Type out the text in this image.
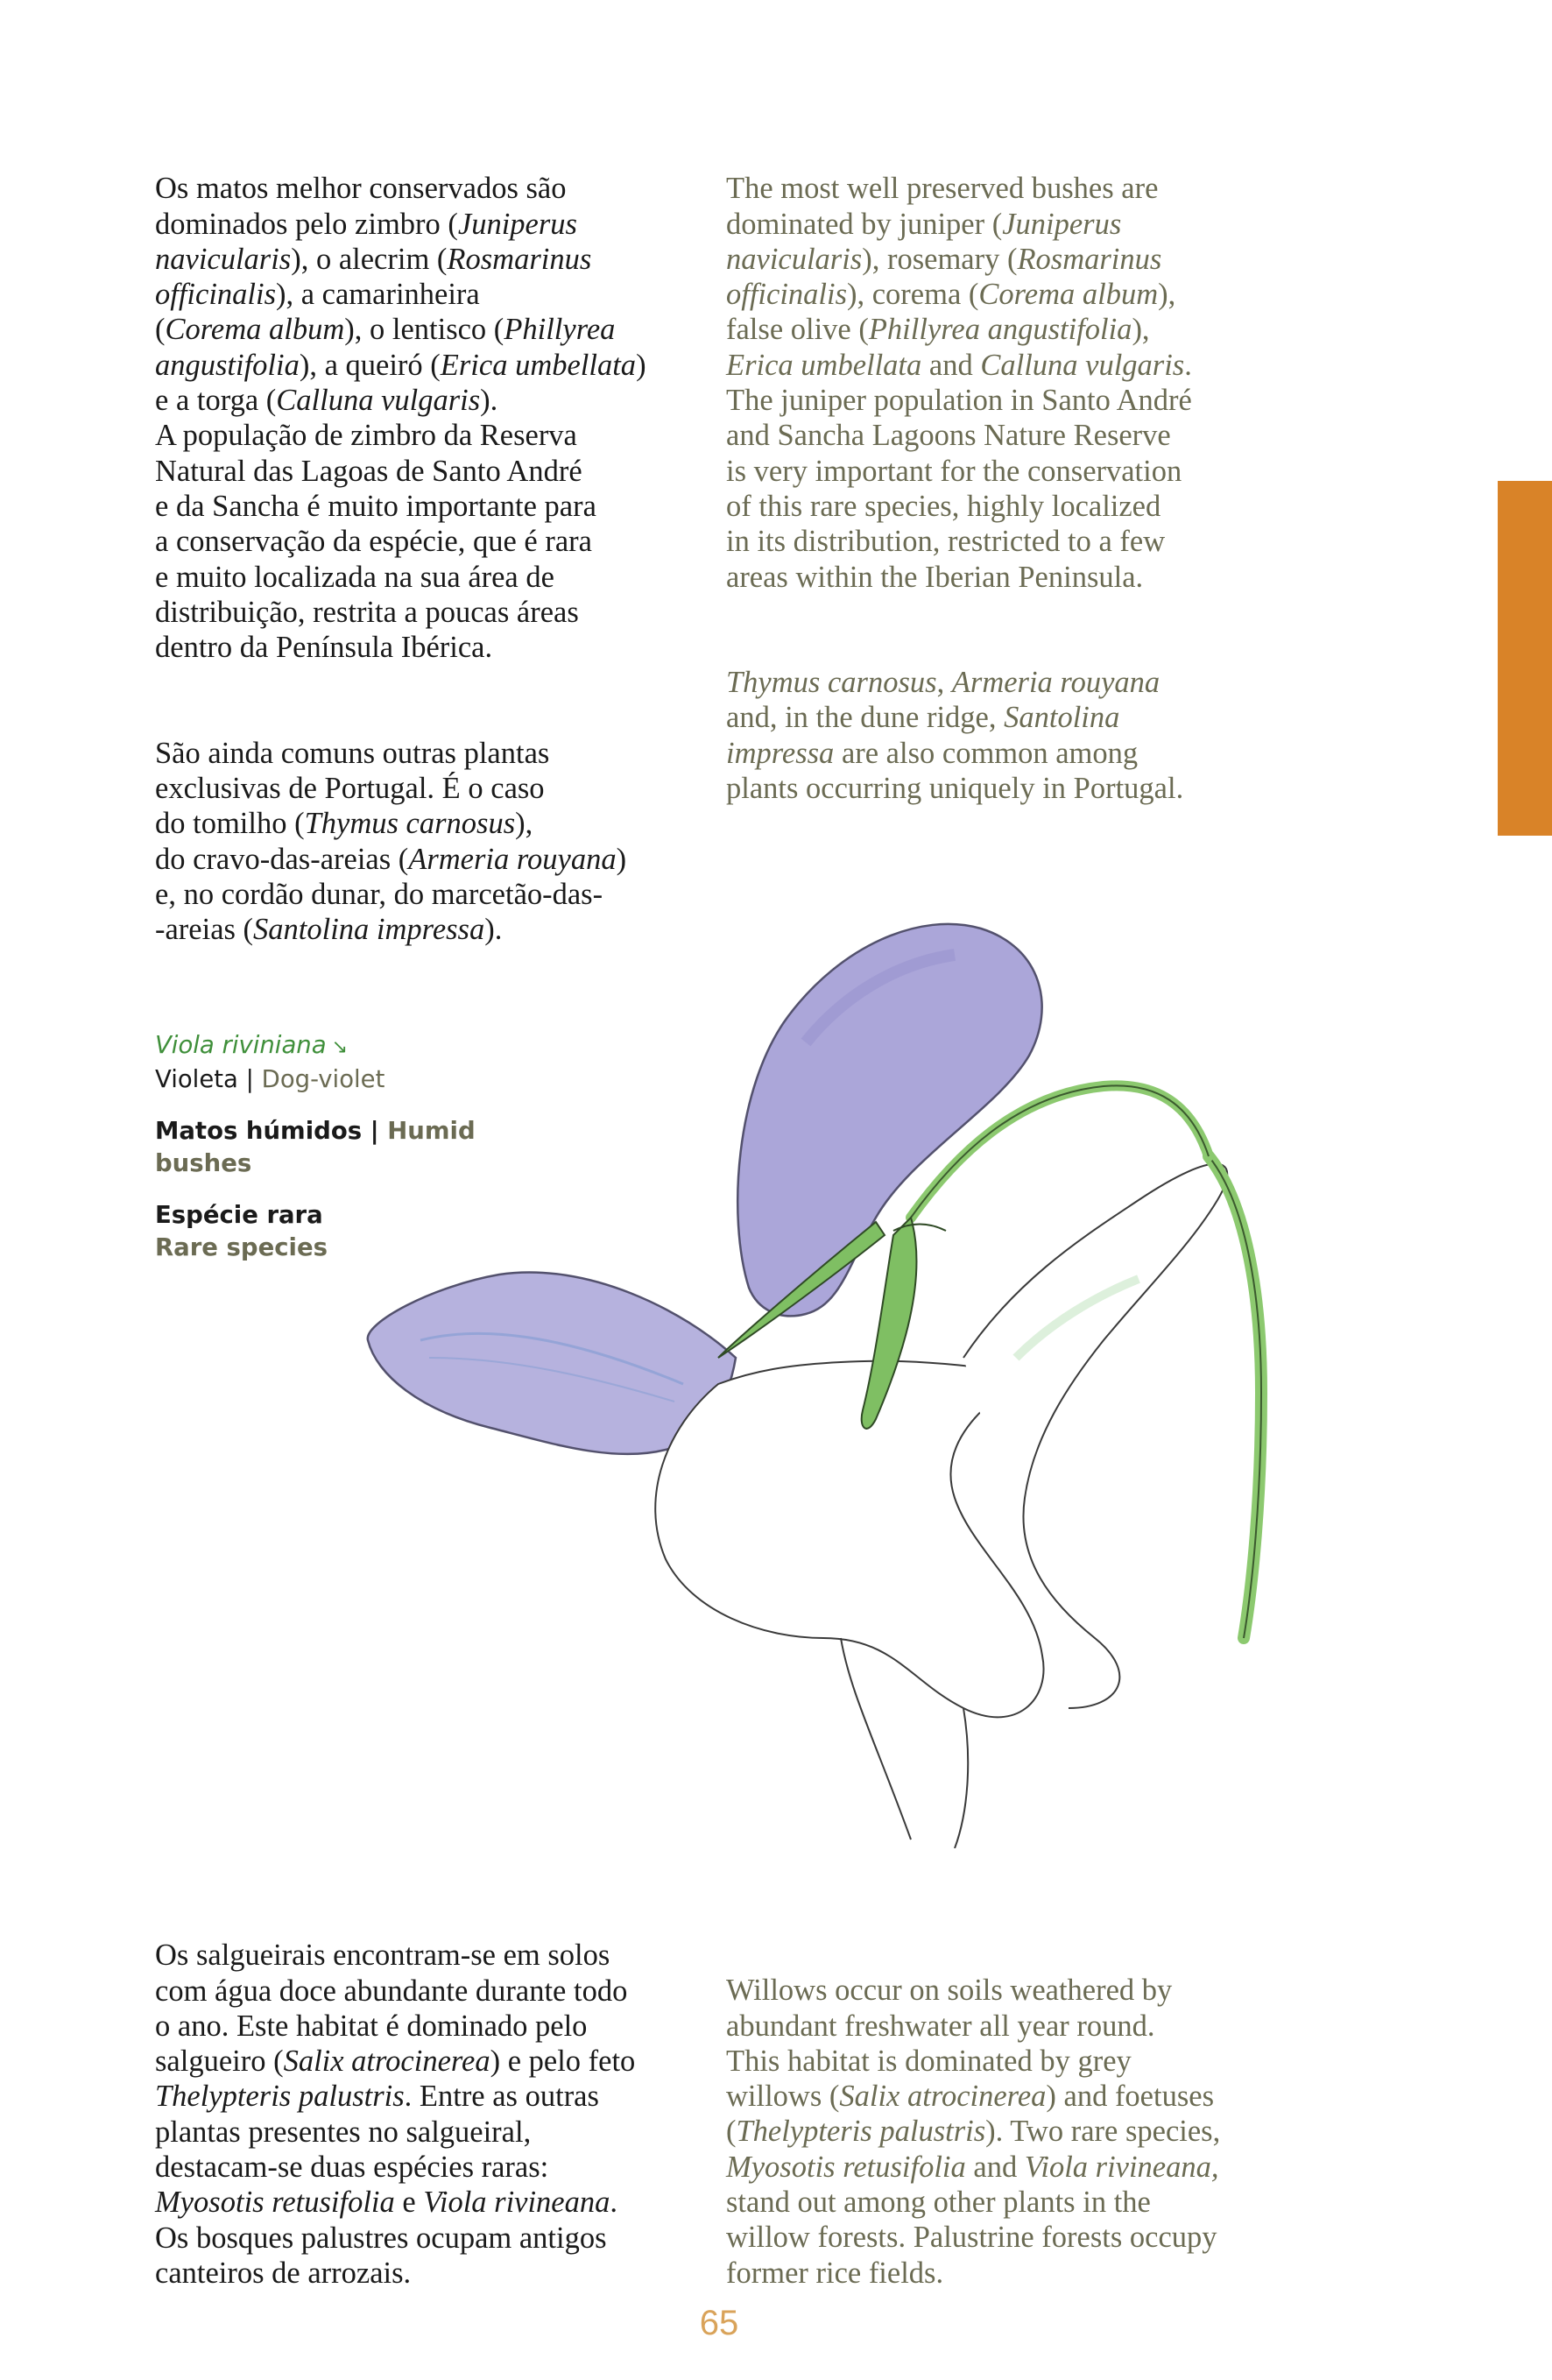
Os matos melhor conservados são
dominados pelo zimbro (Juniperus
navicularis), o alecrim (Rosmarinus
officinalis), a camarinheira
(Corema album), o lentisco (Phillyrea
angustifolia), a queiró (Erica umbellata)
e a torga (Calluna vulgaris).
A população de zimbro da Reserva
Natural das Lagoas de Santo André
e da Sancha é muito importante para
a conservação da espécie, que é rara
e muito localizada na sua área de
distribuição, restrita a poucas áreas
dentro da Península Ibérica.

São ainda comuns outras plantas
exclusivas de Portugal. É o caso
do tomilho (Thymus carnosus),
do cravo-das-areias (Armeria rouyana)
e, no cordão dunar, do marcetão-das-
-areias (Santolina impressa).

The most well preserved bushes are
dominated by juniper (Juniperus
navicularis), rosemary (Rosmarinus
officinalis), corema (Corema album),
false olive (Phillyrea angustifolia),
Erica umbellata and Calluna vulgaris.
The juniper population in Santo André
and Sancha Lagoons Nature Reserve
is very important for the conservation
of this rare species, highly localized
in its distribution, restricted to a few
areas within the Iberian Peninsula.

Thymus carnosus, Armeria rouyana
and, in the dune ridge, Santolina
impressa are also common among
plants occurring uniquely in Portugal.

Viola riviniana ↘
Violeta | Dog-violet
Matos húmidos | Humid bushes
Espécie rara
Rare species

Os salgueirais encontram-se em solos
com água doce abundante durante todo
o ano. Este habitat é dominado pelo
salgueiro (Salix atrocinerea) e pelo feto
Thelypteris palustris. Entre as outras
plantas presentes no salgueiral,
destacam-se duas espécies raras:
Myosotis retusifolia e Viola rivineana.
Os bosques palustres ocupam antigos
canteiros de arrozais.

Willows occur on soils weathered by
abundant freshwater all year round.
This habitat is dominated by grey
willows (Salix atrocinerea) and foetuses
(Thelypteris palustris). Two rare species,
Myosotis retusifolia and Viola rivineana,
stand out among other plants in the
willow forests. Palustrine forests occupy
former rice fields.

65
